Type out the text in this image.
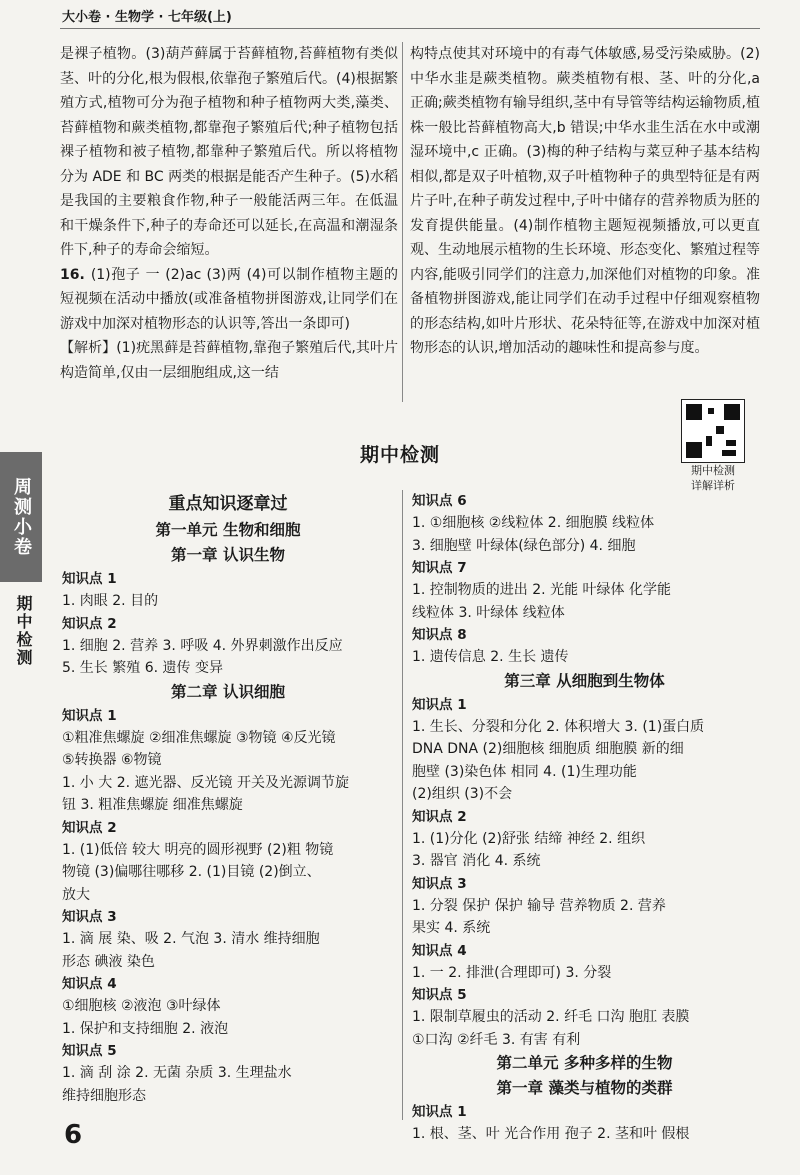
大小卷 · 生物学 · 七年级(上)

是裸子植物。(3)葫芦藓属于苔藓植物,苔藓植物有类似茎、叶的分化,根为假根,依靠孢子繁殖后代。(4)根据繁殖方式,植物可分为孢子植物和种子植物两大类,藻类、苔藓植物和蕨类植物,都靠孢子繁殖后代;种子植物包括裸子植物和被子植物,都靠种子繁殖后代。所以将植物分为 ADE 和 BC 两类的根据是能否产生种子。(5)水稻是我国的主要粮食作物,种子一般能活两三年。在低温和干燥条件下,种子的寿命还可以延长,在高温和潮湿条件下,种子的寿命会缩短。

16. (1)孢子 一 (2)ac (3)两 (4)可以制作植物主题的短视频在活动中播放(或准备植物拼图游戏,让同学们在游戏中加深对植物形态的认识等,答出一条即可)

【解析】(1)疣黑藓是苔藓植物,靠孢子繁殖后代,其叶片构造简单,仅由一层细胞组成,这一结

构特点使其对环境中的有毒气体敏感,易受污染威胁。(2)中华水韭是蕨类植物。蕨类植物有根、茎、叶的分化,a 正确;蕨类植物有输导组织,茎中有导管等结构运输物质,植株一般比苔藓植物高大,b 错误;中华水韭生活在水中或潮湿环境中,c 正确。(3)梅的种子结构与菜豆种子基本结构相似,都是双子叶植物,双子叶植物种子的典型特征是有两片子叶,在种子萌发过程中,子叶中储存的营养物质为胚的发育提供能量。(4)制作植物主题短视频播放,可以更直观、生动地展示植物的生长环境、形态变化、繁殖过程等内容,能吸引同学们的注意力,加深他们对植物的印象。准备植物拼图游戏,能让同学们在动手过程中仔细观察植物的形态结构,如叶片形状、花朵特征等,在游戏中加深对植物形态的认识,增加活动的趣味性和提高参与度。

期中检测
详解详析
期中检测
周测小卷
期中检测
重点知识逐章过
第一单元 生物和细胞
第一章 认识生物
知识点 1
1. 肉眼 2. 目的
知识点 2
1. 细胞 2. 营养 3. 呼吸 4. 外界刺激作出反应
5. 生长 繁殖 6. 遗传 变异
第二章 认识细胞
知识点 1
①粗准焦螺旋 ②细准焦螺旋 ③物镜 ④反光镜
⑤转换器 ⑥物镜
1. 小 大 2. 遮光器、反光镜 开关及光源调节旋
钮 3. 粗准焦螺旋 细准焦螺旋
知识点 2
1. (1)低倍 较大 明亮的圆形视野 (2)粗 物镜
物镜 (3)偏哪往哪移 2. (1)目镜 (2)倒立、
放大
知识点 3
1. 滴 展 染、吸 2. 气泡 3. 清水 维持细胞
形态 碘液 染色
知识点 4
①细胞核 ②液泡 ③叶绿体
1. 保护和支持细胞 2. 液泡
知识点 5
1. 滴 刮 涂 2. 无菌 杂质 3. 生理盐水
维持细胞形态
知识点 6
1. ①细胞核 ②线粒体 2. 细胞膜 线粒体
3. 细胞壁 叶绿体(绿色部分) 4. 细胞
知识点 7
1. 控制物质的进出 2. 光能 叶绿体 化学能
线粒体 3. 叶绿体 线粒体
知识点 8
1. 遗传信息 2. 生长 遗传
第三章 从细胞到生物体
知识点 1
1. 生长、分裂和分化 2. 体积增大 3. (1)蛋白质
DNA DNA (2)细胞核 细胞质 细胞膜 新的细
胞壁 (3)染色体 相同 4. (1)生理功能
(2)组织 (3)不会
知识点 2
1. (1)分化 (2)舒张 结缔 神经 2. 组织
3. 器官 消化 4. 系统
知识点 3
1. 分裂 保护 保护 输导 营养物质 2. 营养
果实 4. 系统
知识点 4
1. 一 2. 排泄(合理即可) 3. 分裂
知识点 5
1. 限制草履虫的活动 2. 纤毛 口沟 胞肛 表膜
①口沟 ②纤毛 3. 有害 有利
第二单元 多种多样的生物
第一章 藻类与植物的类群
知识点 1
1. 根、茎、叶 光合作用 孢子 2. 茎和叶 假根
6
